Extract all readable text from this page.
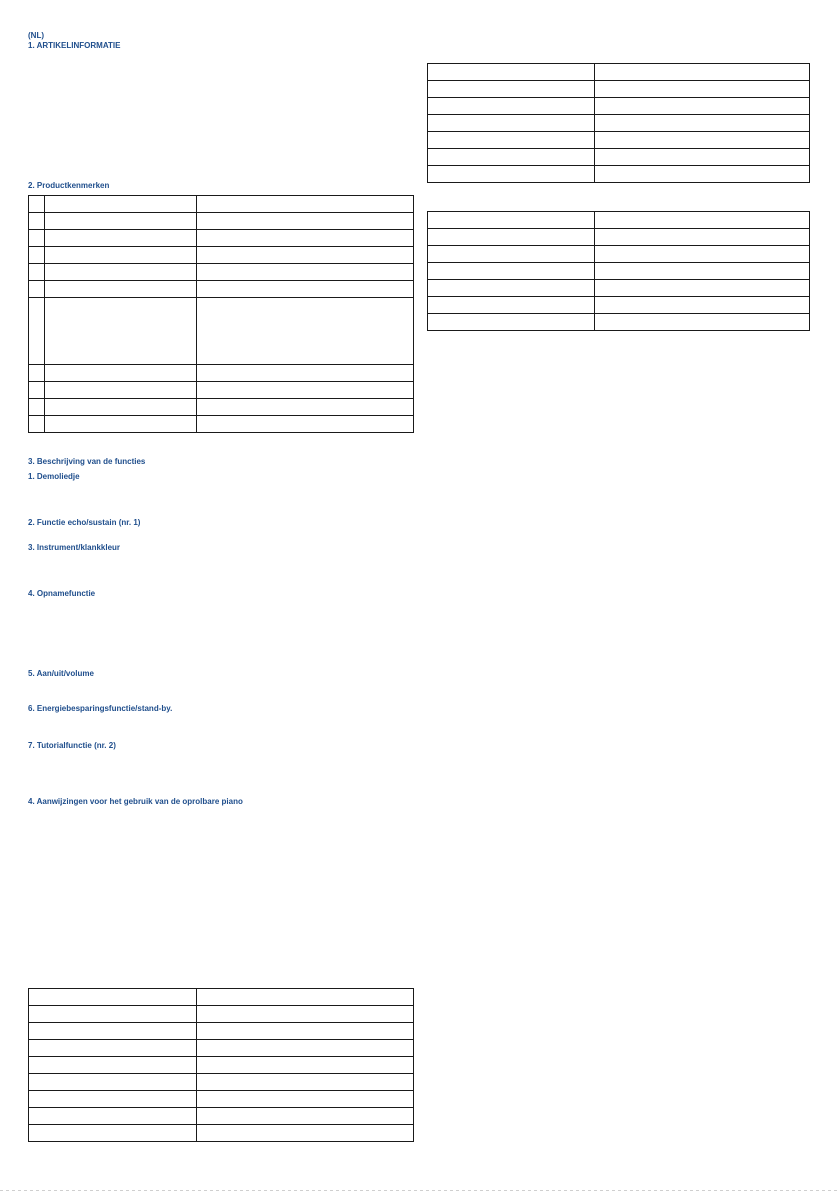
(NL)
1. ARTIKELINFORMATIE

2. Productkenmerken

3. Beschrijving van de functies
1. Demoliedje
2. Functie echo/sustain (nr. 1)
3. Instrument/klankkleur
4. Opnamefunctie
5. Aan/uit/volume
6. Energiebesparingsfunctie/stand-by.
7. Tutorialfunctie (nr. 2)
4. Aanwijzingen voor het gebruik van de oprolbare piano
